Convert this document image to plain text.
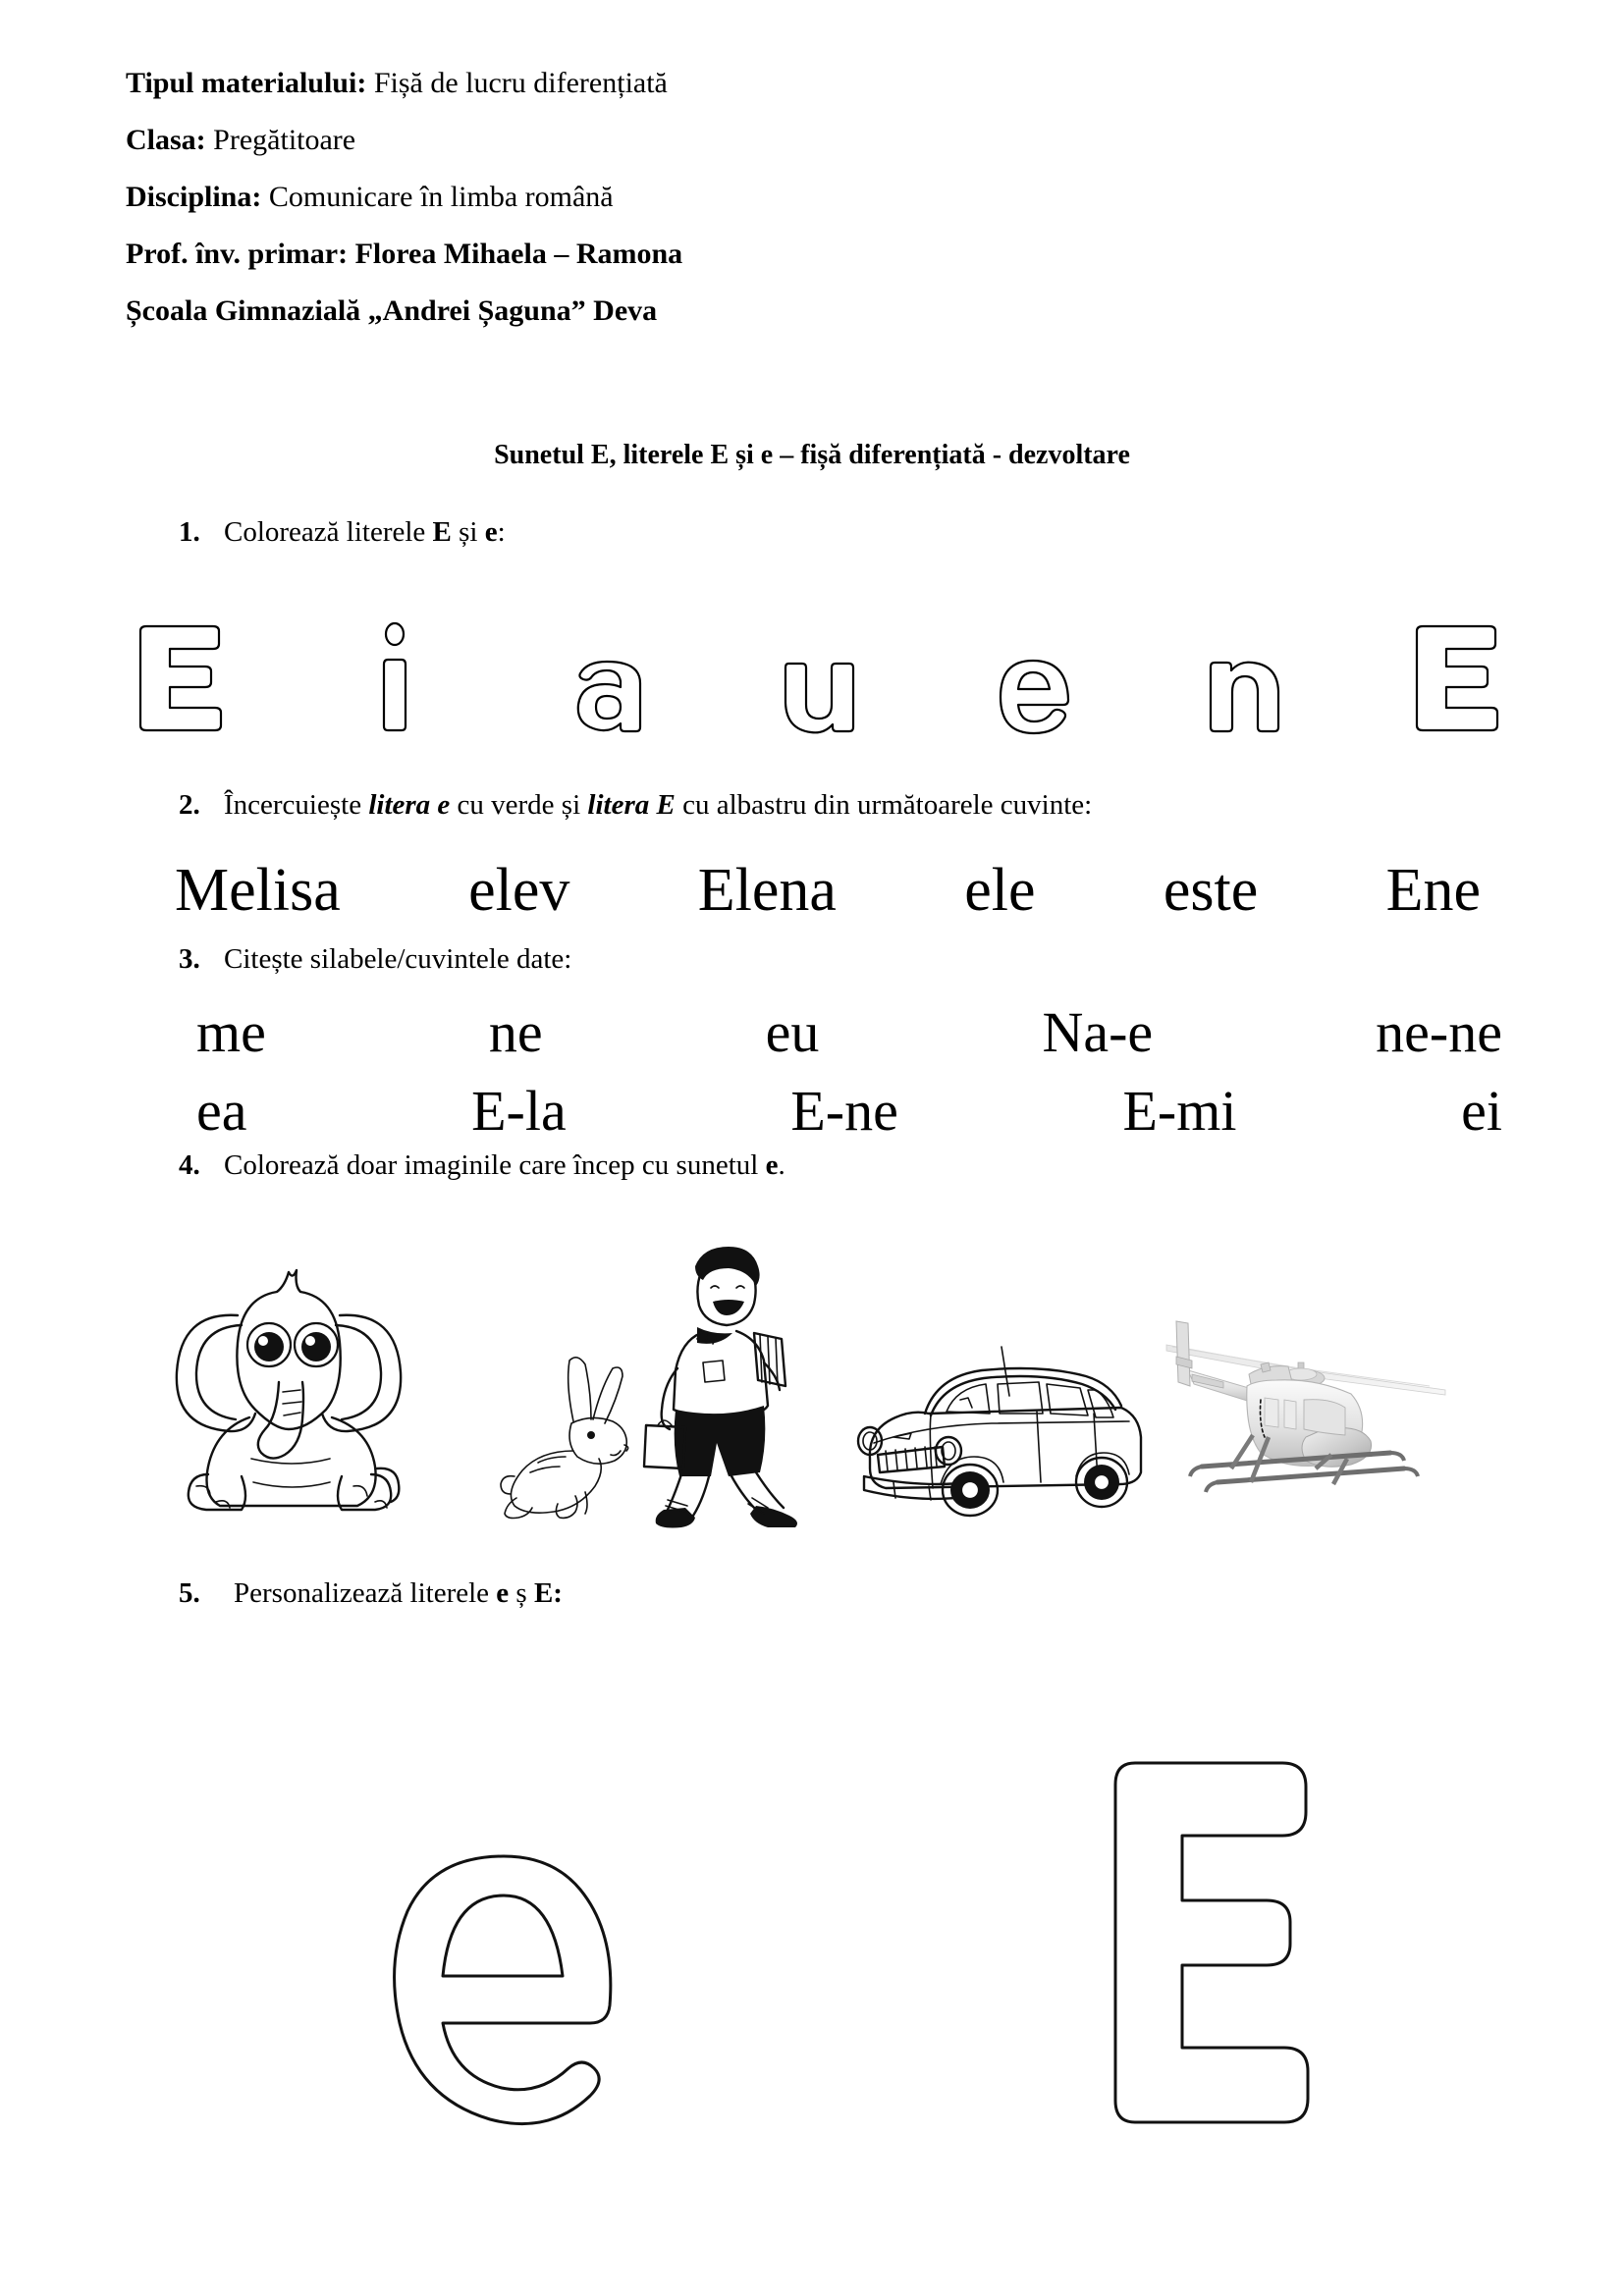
Tipul materialului: Fișă de lucru diferențiată
Clasa: Pregătitoare
Disciplina: Comunicare în limba română
Prof. înv. primar: Florea Mihaela – Ramona
Școala Gimnazială „Andrei Șaguna” Deva
Sunetul E, literele E și e – fișă diferențiată - dezvoltare
1. Colorează literele E și e:
2. Încercuiește litera e cu verde și litera E cu albastru din următoarele cuvinte:
Melisa elev Elena ele este Ene
3. Citește silabele/cuvintele date:
me	ne	eu	Na-e	ne-ne
ea	E-la	E-ne	E-mi	ei
4. Colorează doar imaginile care încep cu sunetul e.
5. Personalizează literele e ș E:
